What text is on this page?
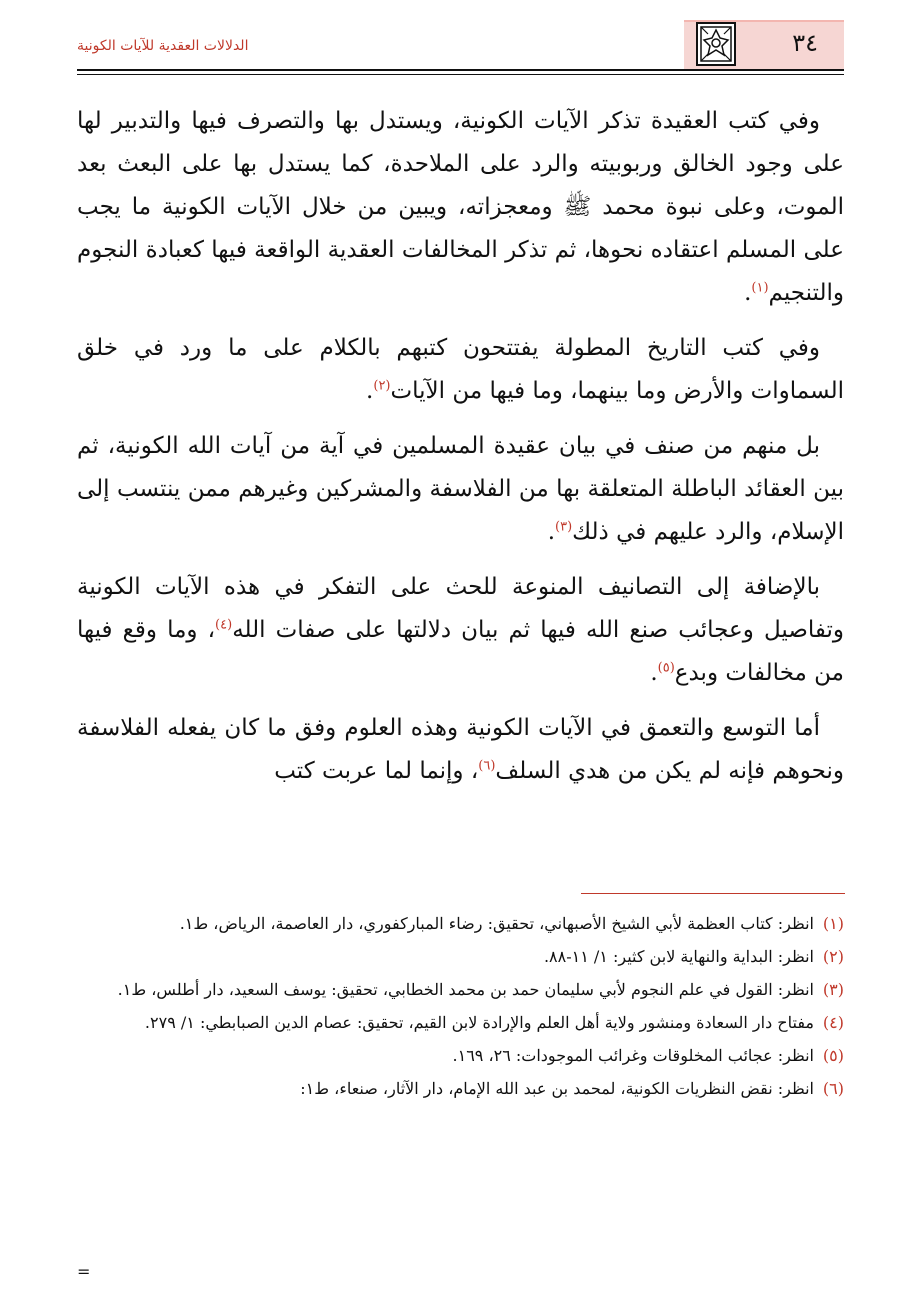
الدلالات العقدية للآيات الكونية	٣٤

وفي كتب العقيدة تذكر الآيات الكونية، ويستدل بها والتصرف فيها والتدبير لها على وجود الخالق وربوبيته والرد على الملاحدة، كما يستدل بها على البعث بعد الموت، وعلى نبوة محمد ﷺ ومعجزاته، ويبين من خلال الآيات الكونية ما يجب على المسلم اعتقاده نحوها، ثم تذكر المخالفات العقدية الواقعة فيها كعبادة النجوم والتنجيم$^{(١)}$.

وفي كتب التاريخ المطولة يفتتحون كتبهم بالكلام على ما ورد في خلق السماوات والأرض وما بينهما، وما فيها من الآيات$^{(٢)}$.

بل منهم من صنف في بيان عقيدة المسلمين في آية من آيات الله الكونية، ثم بين العقائد الباطلة المتعلقة بها من الفلاسفة والمشركين وغيرهم ممن ينتسب إلى الإسلام، والرد عليهم في ذلك$^{(٣)}$.

بالإضافة إلى التصانيف المنوعة للحث على التفكر في هذه الآيات الكونية وتفاصيل وعجائب صنع الله فيها ثم بيان دلالتها على صفات الله$^{(٤)}$، وما وقع فيها من مخالفات وبدع$^{(٥)}$.

أما التوسع والتعمق في الآيات الكونية وهذه العلوم وفق ما كان يفعله الفلاسفة ونحوهم فإنه لم يكن من هدي السلف$^{(٦)}$، وإنما لما عربت كتب

(١)
انظر: كتاب العظمة لأبي الشيخ الأصبهاني، تحقيق: رضاء المباركفوري، دار العاصمة، الرياض، ط١.
(٢)
انظر: البداية والنهاية لابن كثير: ١/ ١١-٨٨.
(٣)
انظر: القول في علم النجوم لأبي سليمان حمد بن محمد الخطابي، تحقيق: يوسف السعيد، دار أطلس، ط١.
(٤)
مفتاح دار السعادة ومنشور ولاية أهل العلم والإرادة لابن القيم، تحقيق: عصام الدين الصبابطي: ١/ ٢٧٩.
(٥)
انظر: عجائب المخلوقات وغرائب الموجودات: ٢٦، ١٦٩.
(٦)
انظر: نقض النظريات الكونية، لمحمد بن عبد الله الإمام، دار الآثار، صنعاء، ط١:
=
